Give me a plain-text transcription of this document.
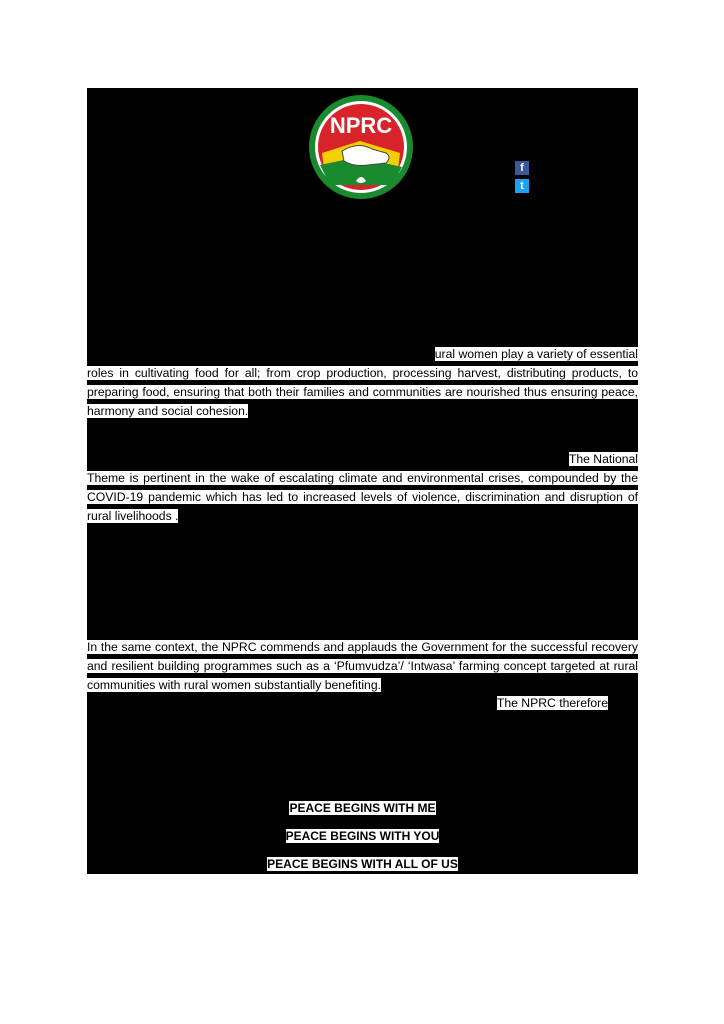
NPRC
f
t

ural women play a variety of essential
roles in cultivating food for all; from crop production, processing harvest, distributing products, to preparing food, ensuring that both their families and communities are nourished thus ensuring peace, harmony and social cohesion.

The National
Theme is pertinent in the wake of escalating climate and environmental crises, compounded by the COVID-19 pandemic which has led to increased levels of violence, discrimination and disruption of rural livelihoods .

In the same context, the NPRC commends and applauds the Government for the successful recovery and resilient building programmes such as a ‘Pfumvudza’/ ‘Intwasa’ farming concept targeted at rural communities with rural women substantially benefiting.

The NPRC therefore

PEACE BEGINS WITH ME
PEACE BEGINS WITH YOU
PEACE BEGINS WITH ALL OF US
